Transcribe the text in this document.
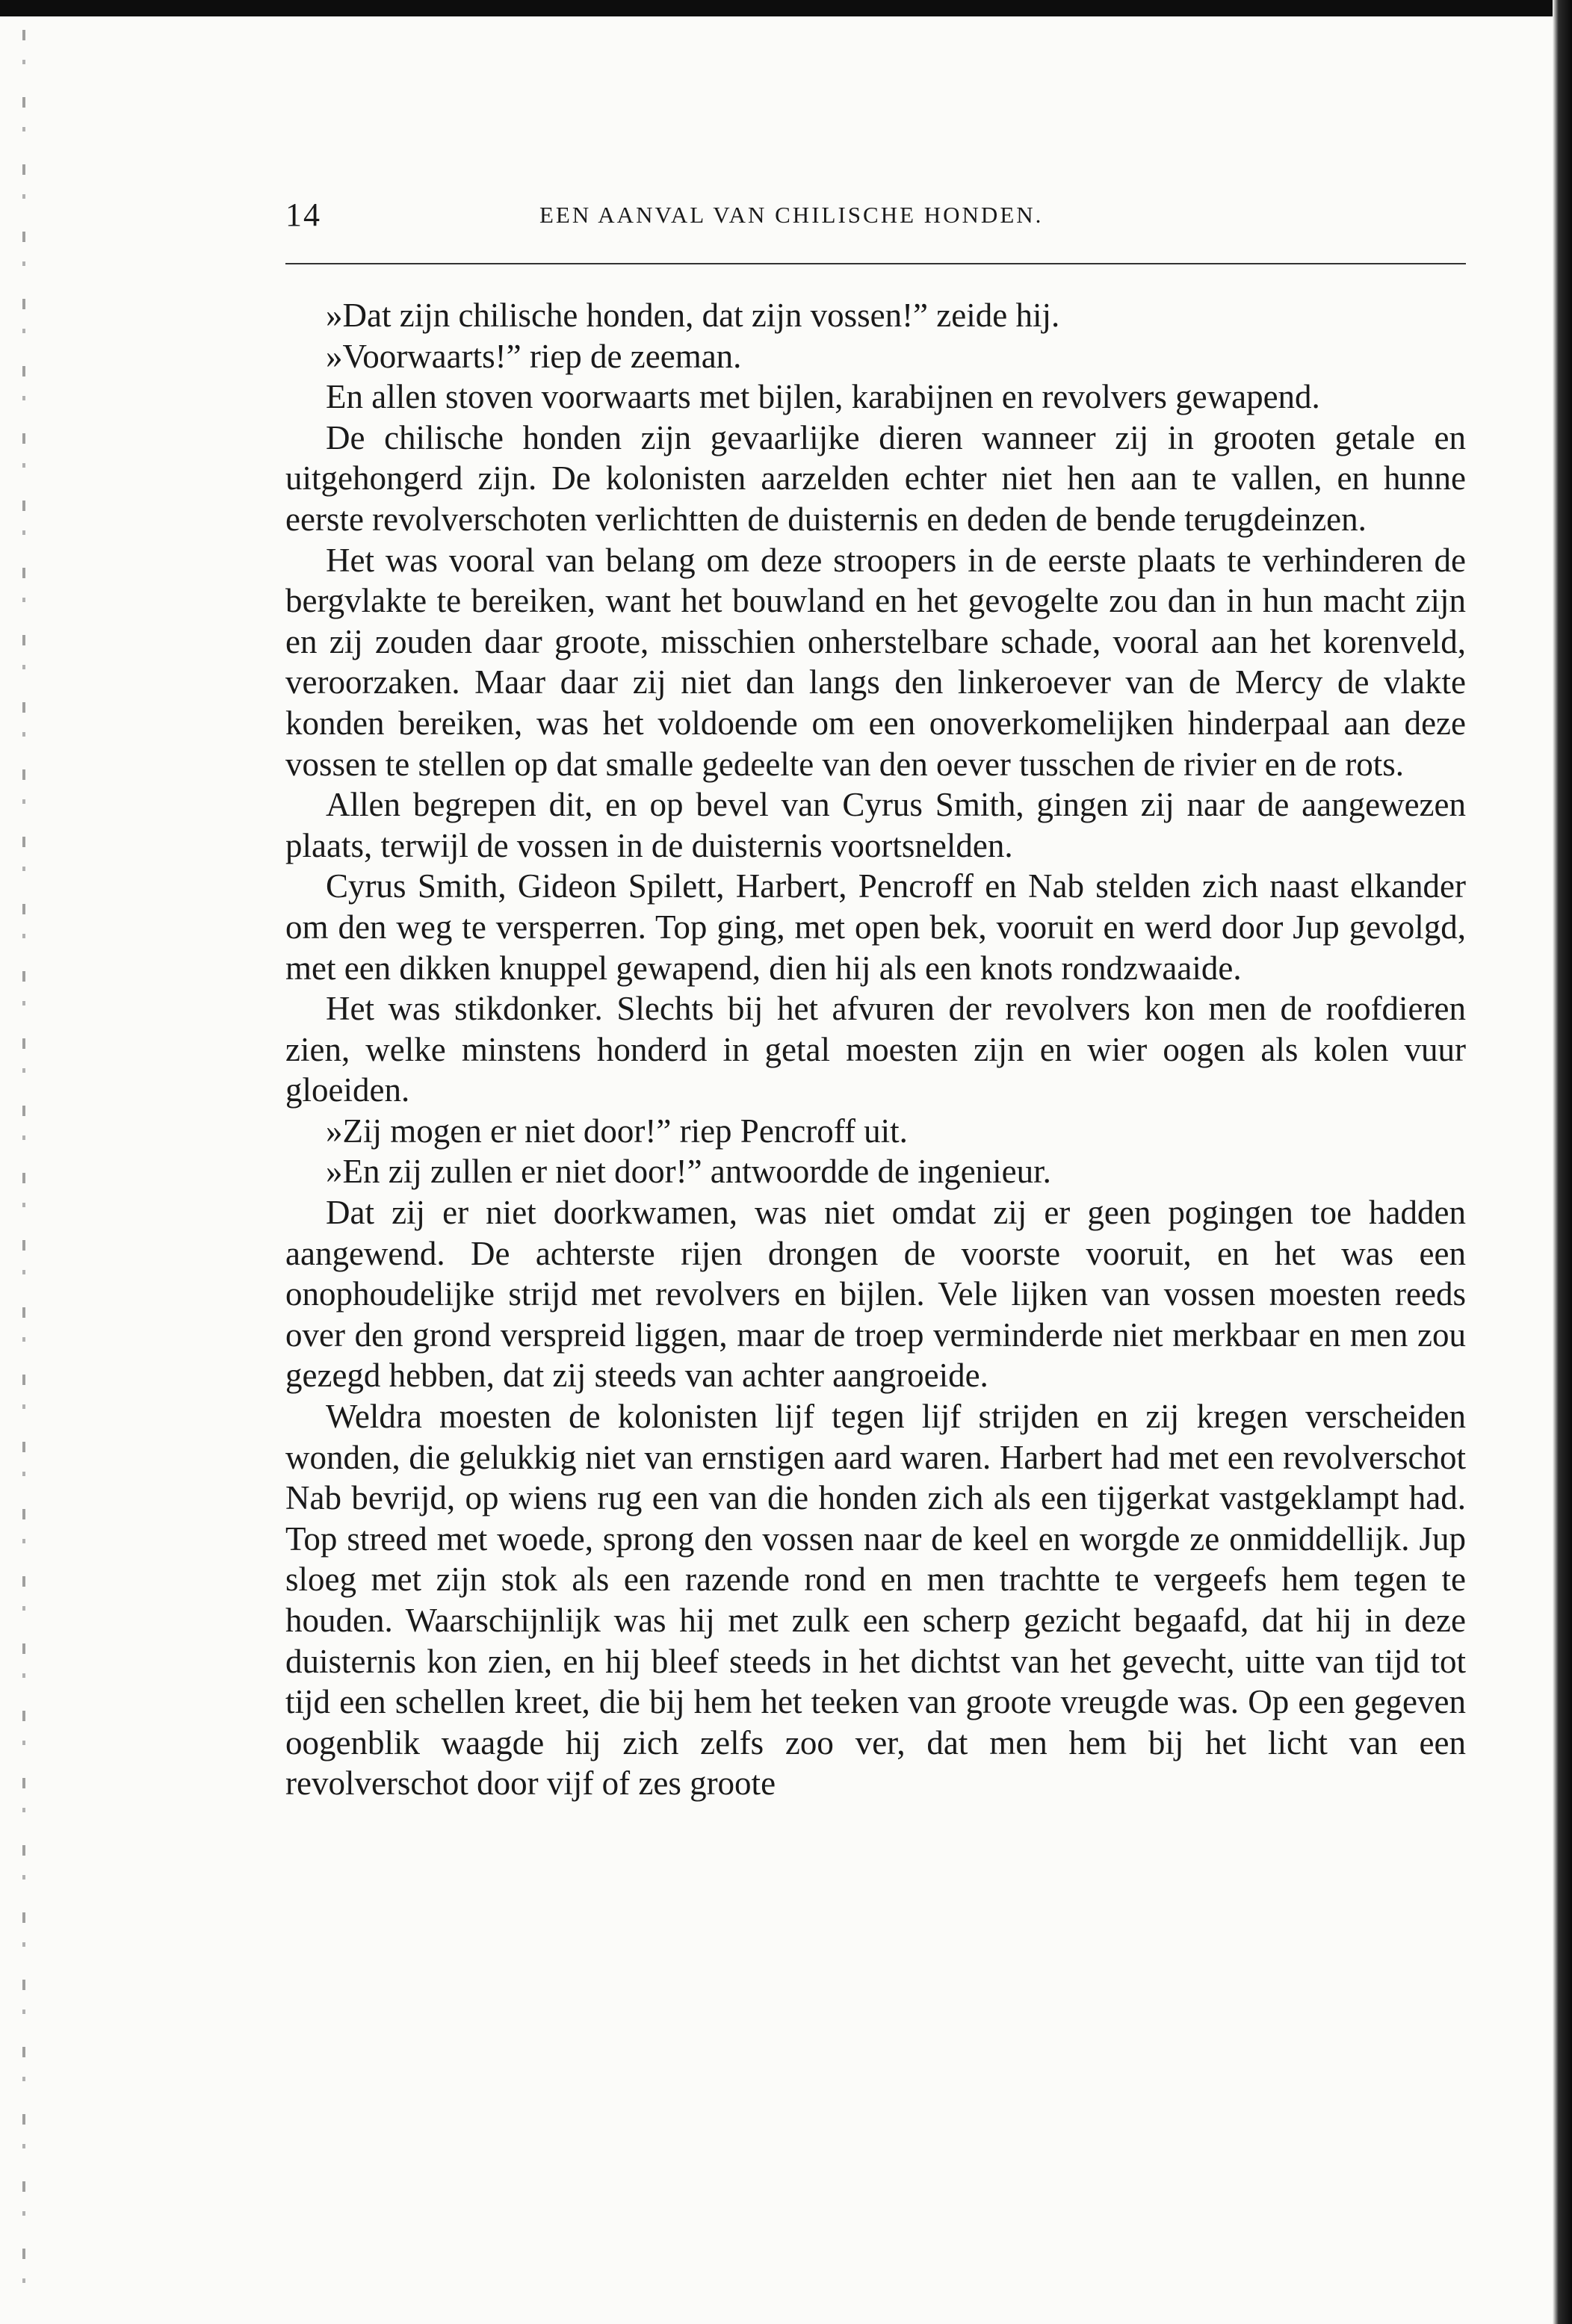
14	EEN AANVAL VAN CHILISCHE HONDEN.

»Dat zijn chilische honden, dat zijn vossen!” zeide hij.

»Voorwaarts!” riep de zeeman.

En allen stoven voorwaarts met bijlen, karabijnen en revolvers gewapend.

De chilische honden zijn gevaarlijke dieren wanneer zij in grooten getale en uitgehongerd zijn. De kolonisten aarzelden echter niet hen aan te vallen, en hunne eerste revolverschoten verlichtten de duisternis en deden de bende terugdeinzen.

Het was vooral van belang om deze stroopers in de eerste plaats te verhinderen de bergvlakte te bereiken, want het bouwland en het gevogelte zou dan in hun macht zijn en zij zouden daar groote, misschien onherstelbare schade, vooral aan het korenveld, veroorzaken. Maar daar zij niet dan langs den linkeroever van de Mercy de vlakte konden bereiken, was het voldoende om een onoverkomelijken hinderpaal aan deze vossen te stellen op dat smalle gedeelte van den oever tusschen de rivier en de rots.

Allen begrepen dit, en op bevel van Cyrus Smith, gingen zij naar de aangewezen plaats, terwijl de vossen in de duisternis voortsnelden.

Cyrus Smith, Gideon Spilett, Harbert, Pencroff en Nab stelden zich naast elkander om den weg te versperren. Top ging, met open bek, vooruit en werd door Jup gevolgd, met een dikken knuppel gewapend, dien hij als een knots rondzwaaide.

Het was stikdonker. Slechts bij het afvuren der revolvers kon men de roofdieren zien, welke minstens honderd in getal moesten zijn en wier oogen als kolen vuur gloeiden.

»Zij mogen er niet door!” riep Pencroff uit.

»En zij zullen er niet door!” antwoordde de ingenieur.

Dat zij er niet doorkwamen, was niet omdat zij er geen pogingen toe hadden aangewend. De achterste rijen drongen de voorste vooruit, en het was een onophoudelijke strijd met revolvers en bijlen. Vele lijken van vossen moesten reeds over den grond verspreid liggen, maar de troep verminderde niet merkbaar en men zou gezegd hebben, dat zij steeds van achter aangroeide.

Weldra moesten de kolonisten lijf tegen lijf strijden en zij kregen verscheiden wonden, die gelukkig niet van ernstigen aard waren. Harbert had met een revolverschot Nab bevrijd, op wiens rug een van die honden zich als een tijgerkat vastgeklampt had. Top streed met woede, sprong den vossen naar de keel en worgde ze onmiddellijk. Jup sloeg met zijn stok als een razende rond en men trachtte te vergeefs hem tegen te houden. Waarschijnlijk was hij met zulk een scherp gezicht begaafd, dat hij in deze duisternis kon zien, en hij bleef steeds in het dichtst van het gevecht, uitte van tijd tot tijd een schellen kreet, die bij hem het teeken van groote vreugde was. Op een gegeven oogenblik waagde hij zich zelfs zoo ver, dat men hem bij het licht van een revolverschot door vijf of zes groote
